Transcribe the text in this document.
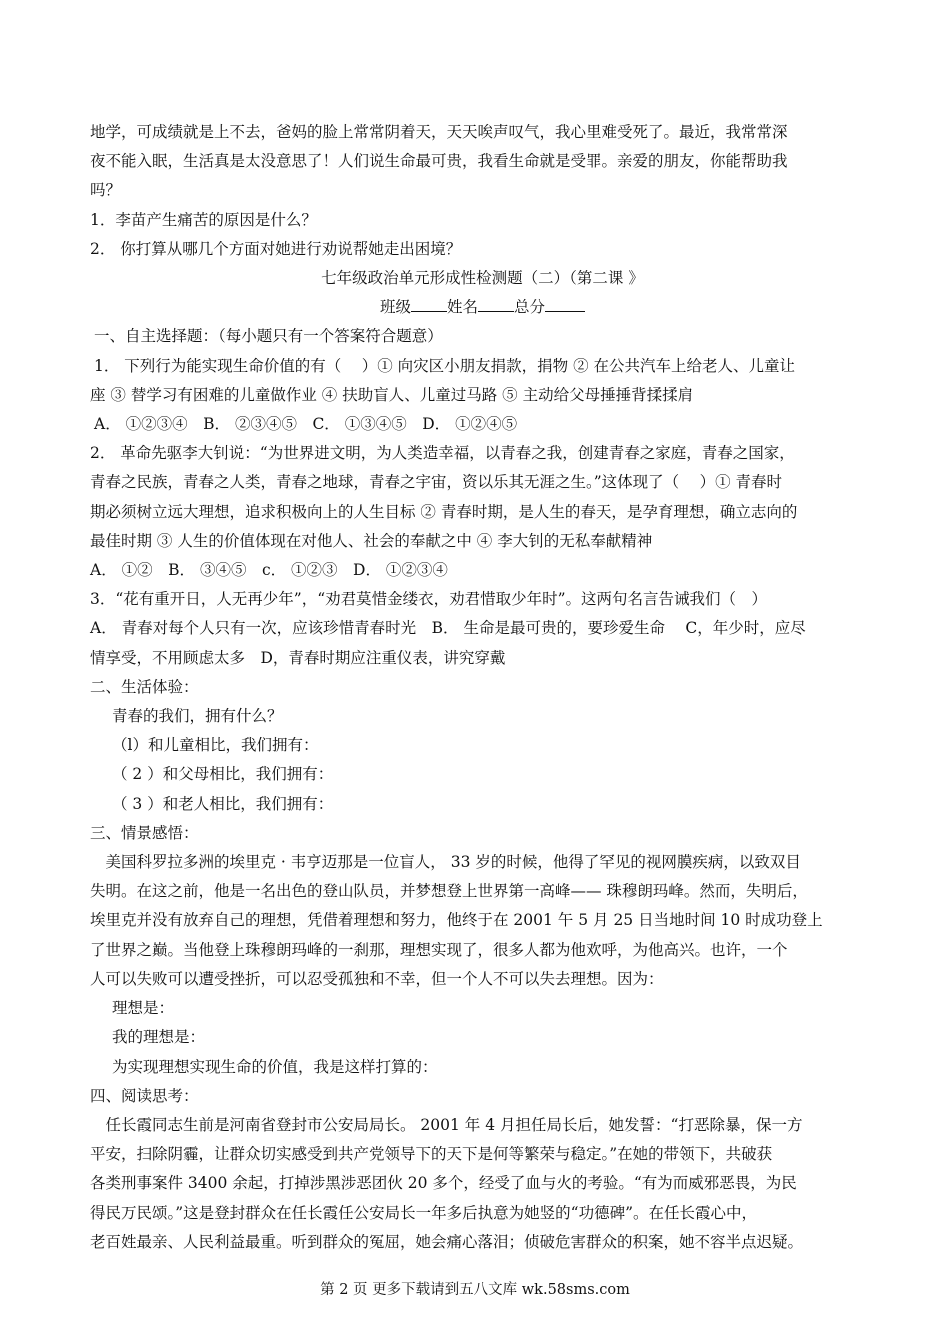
地学，可成绩就是上不去，爸妈的脸上常常阴着天，天天唉声叹气，我心里难受死了。最近，我常常深
夜不能入眠，生活真是太没意思了！人们说生命最可贵，我看生命就是受罪。亲爱的朋友，你能帮助我
吗？
1．李苗产生痛苦的原因是什么？
2． 你打算从哪几个方面对她进行劝说帮她走出困境？
七年级政治单元形成性检测题（二）（第二课 》
班级 姓名 总分
一、自主选择题：（每小题只有一个答案符合题意）
1． 下列行为能实现生命价值的有（　 ）① 向灾区小朋友捐款，捐物 ② 在公共汽车上给老人、儿童让
座 ③ 替学习有困难的儿童做作业 ④ 扶助盲人、儿童过马路 ⑤ 主动给父母捶捶背揉揉肩
A． ①②③④　B． ②③④⑤　C． ①③④⑤　D． ①②④⑤
2． 革命先驱李大钊说：“为世界进文明，为人类造幸福，以青春之我，创建青春之家庭，青春之国家，
青春之民族，青春之人类，青春之地球，青春之宇宙，资以乐其无涯之生。”这体现了（　 ）① 青春时
期必须树立远大理想，追求积极向上的人生目标 ② 青春时期，是人生的春天，是孕育理想，确立志向的
最佳时期 ③ 人生的价值体现在对他人、社会的奉献之中 ④ 李大钊的无私奉献精神
A． ①②　B． ③④⑤　c． ①②③　D． ①②③④
3．“花有重开日，人无再少年”，“劝君莫惜金缕衣，劝君惜取少年时”。这两句名言告诫我们（　）
A． 青春对每个人只有一次，应该珍惜青春时光　B． 生命是最可贵的，要珍爱生命　 C，年少时，应尽
情享受，不用顾虑太多　D，青春时期应注重仪表，讲究穿戴
二、生活体验：
青春的我们，拥有什么？
（l）和儿童相比，我们拥有：
（ 2 ）和父母相比，我们拥有：
（ 3 ）和老人相比，我们拥有：
三、情景感悟：
　美国科罗拉多洲的埃里克 · 韦亨迈那是一位盲人， 33 岁的时候，他得了罕见的视网膜疾病，以致双目
失明。在这之前，他是一名出色的登山队员，并梦想登上世界第一高峰—— 珠穆朗玛峰。然而，失明后，
埃里克并没有放弃自己的理想，凭借着理想和努力，他终于在 2001 午 5 月 25 日当地时间 10 时成功登上
了世界之巅。当他登上珠穆朗玛峰的一刹那，理想实现了，很多人都为他欢呼，为他高兴。也许，一个
人可以失败可以遭受挫折，可以忍受孤独和不幸，但一个人不可以失去理想。因为：
理想是：
我的理想是：
为实现理想实现生命的价值，我是这样打算的：
四、阅读思考：
　任长霞同志生前是河南省登封市公安局局长。 2001 年 4 月担任局长后，她发誓：“打恶除暴，保一方
平安，扫除阴霾，让群众切实感受到共产党领导下的天下是何等繁荣与稳定。”在她的带领下，共破获
各类刑事案件 3400 余起，打掉涉黑涉恶团伙 20 多个，经受了血与火的考验。“有为而威邪恶畏，为民
得民万民颂。”这是登封群众在任长霞任公安局长一年多后执意为她竖的“功德碑”。在任长霞心中，
老百姓最亲、人民利益最重。听到群众的冤屈，她会痛心落泪；侦破危害群众的积案，她不容半点迟疑。
第 2 页 更多下载请到五八文库 wk.58sms.com
